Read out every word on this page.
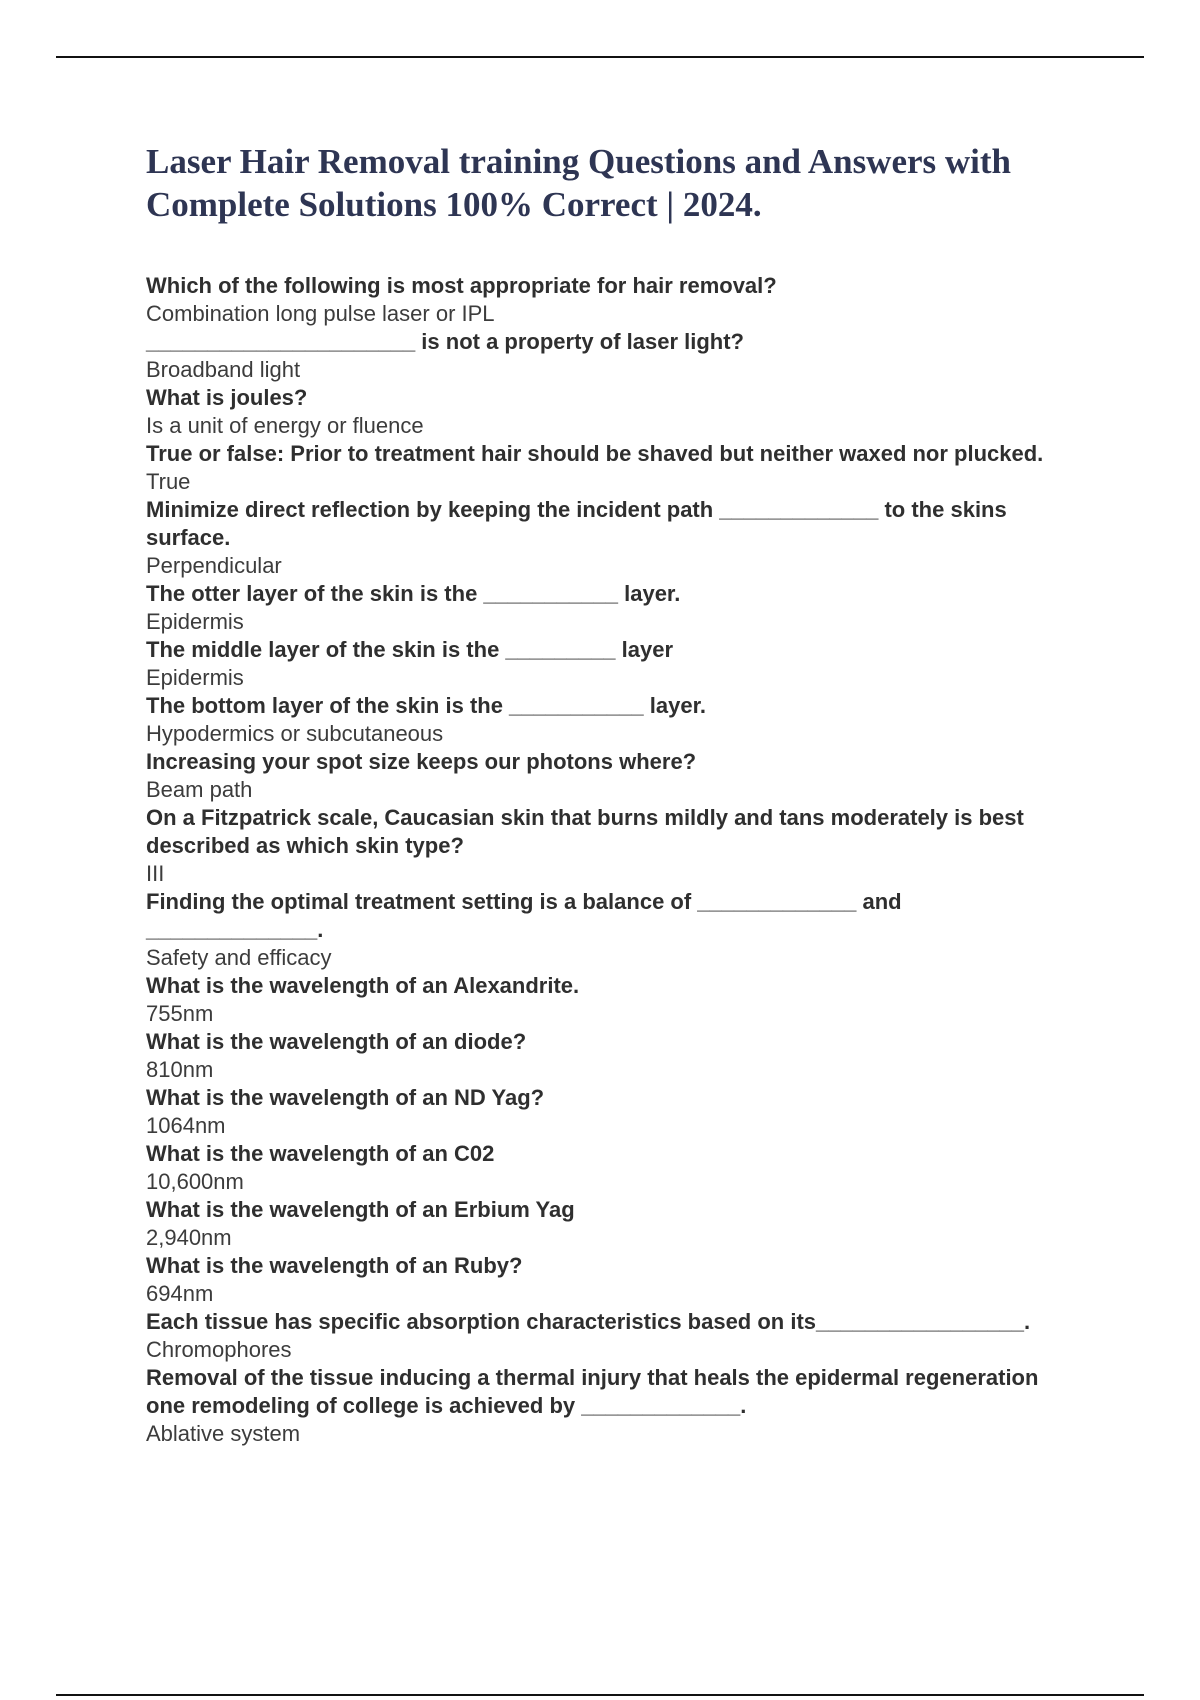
Laser Hair Removal training Questions and Answers with Complete Solutions 100% Correct | 2024.

Which of the following is most appropriate for hair removal?

Combination long pulse laser or IPL

______________________ is not a property of laser light?

Broadband light

What is joules?

Is a unit of energy or fluence

True or false: Prior to treatment hair should be shaved but neither waxed nor plucked.

True

Minimize direct reflection by keeping the incident path _____________ to the skins surface.

Perpendicular

The otter layer of the skin is the ___________ layer.

Epidermis

The middle layer of the skin is the _________ layer

Epidermis

The bottom layer of the skin is the ___________ layer.

Hypodermics or subcutaneous

Increasing your spot size keeps our photons where?

Beam path

On a Fitzpatrick scale, Caucasian skin that burns mildly and tans moderately is best described as which skin type?

III

Finding the optimal treatment setting is a balance of _____________ and ______________.

Safety and efficacy

What is the wavelength of an Alexandrite.

755nm

What is the wavelength of an diode?

810nm

What is the wavelength of an ND Yag?

1064nm

What is the wavelength of an C02

10,600nm

What is the wavelength of an Erbium Yag

2,940nm

What is the wavelength of an Ruby?

694nm

Each tissue has specific absorption characteristics based on its_________________.

Chromophores

Removal of the tissue inducing a thermal injury that heals the epidermal regeneration one remodeling of college is achieved by _____________.

Ablative system
